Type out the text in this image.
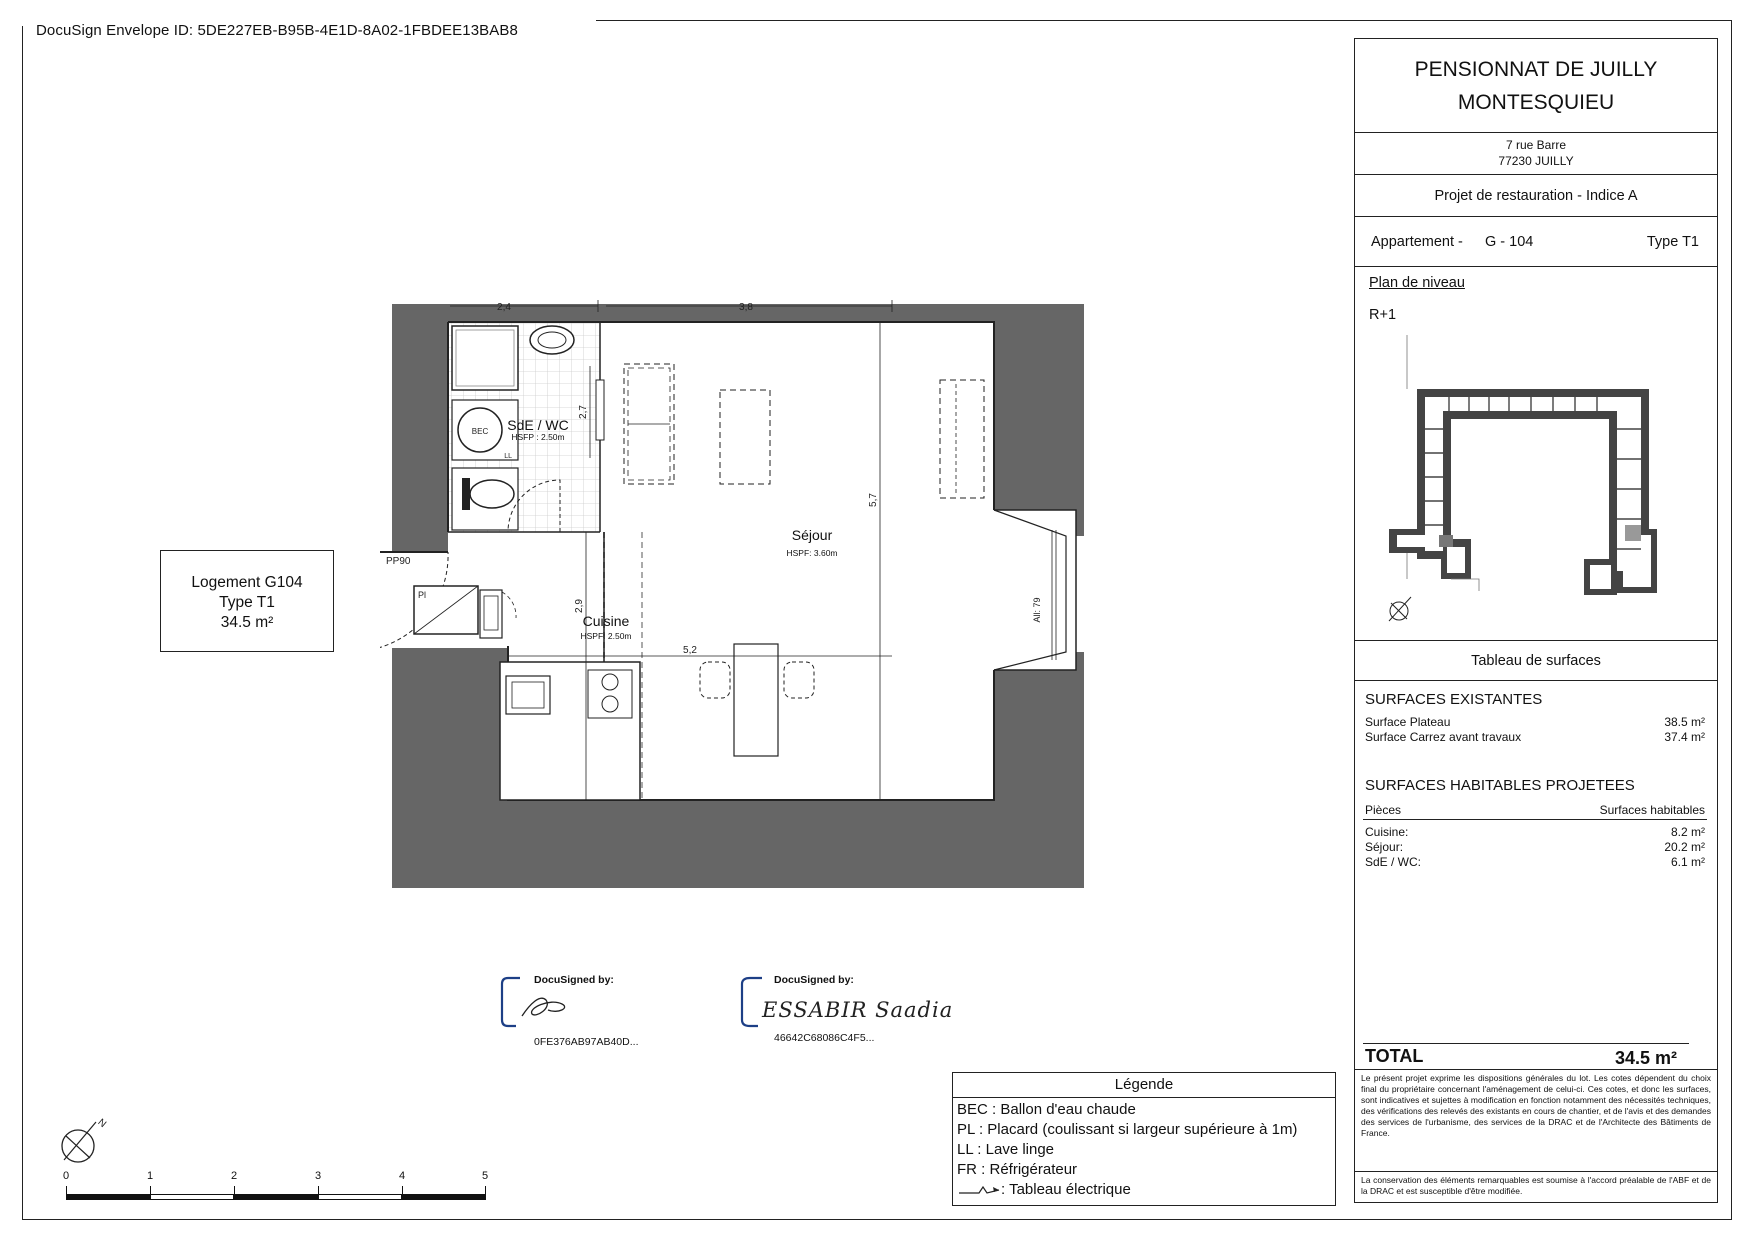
DocuSign Envelope ID: 5DE227EB-B95B-4E1D-8A02-1FBDEE13BAB8
BEC
LL
All: 79
PP90
Pl
2,4	3,8
2,7
5,7
2,9
5,2
SdE / WC
HSFP : 2.50m
Séjour
HSPF: 3.60m
Cuisine
HSPF: 2.50m
Logement G104
Type T1
34.5 m²
DocuSigned by:
0FE376AB97AB40D...
DocuSigned by:
ESSABIR Saadia
46642C68086C4F5...
N
0	1	2	3	4	5
Légende
BEC : Ballon d'eau chaude
PL : Placard (coulissant si largeur supérieure à 1m)
LL : Lave linge
FR : Réfrigérateur
: Tableau électrique
PENSIONNAT DE JUILLY
MONTESQUIEU
7 rue Barre
77230 JUILLY
Projet de restauration - Indice A
Appartement - G - 104	Type T1
Plan de niveau
R+1
Tableau de surfaces
SURFACES EXISTANTES
Surface Plateau	38.5 m²
Surface Carrez avant travaux	37.4 m²
SURFACES HABITABLES PROJETEES
Pièces	Surfaces habitables
Cuisine:	8.2 m²
Séjour:	20.2 m²
SdE / WC:	6.1 m²
TOTAL	34.5 m²
Le présent projet exprime les dispositions générales du lot. Les cotes dépendent du choix final du propriétaire concernant l'aménagement de celui-ci. Ces cotes, et donc les surfaces, sont indicatives et sujettes à modification en fonction notamment des nécessités techniques, des vérifications des relevés des existants en cours de chantier, et de l'avis et des demandes des services de l'urbanisme, des services de la DRAC et de l'Architecte des Bâtiments de France.
La conservation des éléments remarquables est soumise à l'accord préalable de l'ABF et de la DRAC et est susceptible d'être modifiée.
